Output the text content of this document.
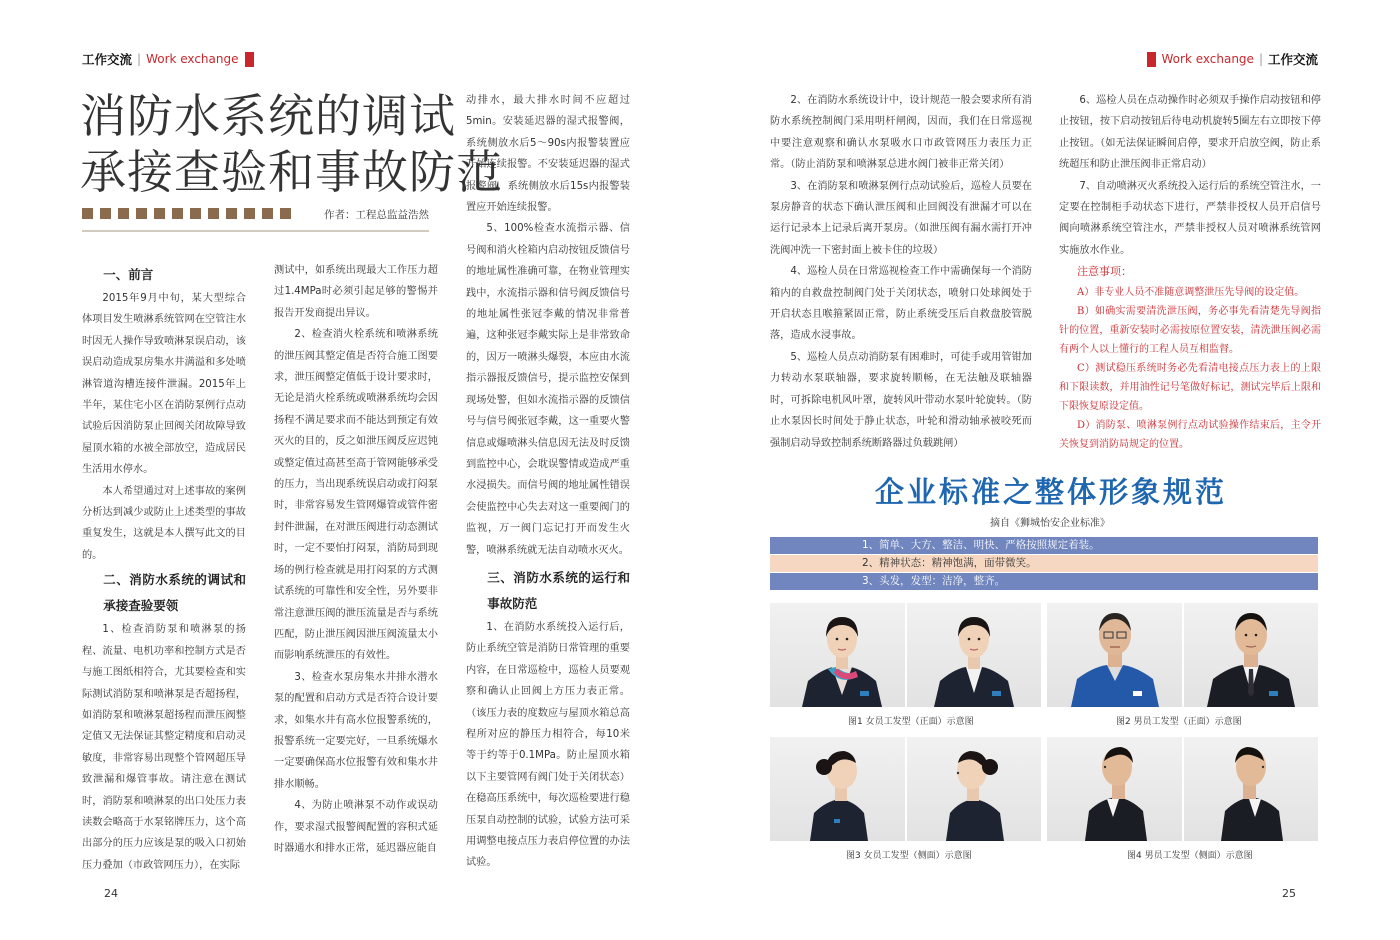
工作交流 | Work exchange
消防水系统的调试
承接查验和事故防范
作者：工程总监益浩然
一、前言

2015年9月中旬，某大型综合体项目发生喷淋系统管网在空管注水时因无人操作导致喷淋泵误启动，该误启动造成泵房集水井满溢和多处喷淋管道沟槽连接件泄漏。2015年上半年，某住宅小区在消防泵例行点动试验后因消防泵止回阀关闭故障导致屋顶水箱的水被全部放空，造成居民生活用水停水。

本人希望通过对上述事故的案例分析达到减少或防止上述类型的事故重复发生，这就是本人撰写此文的目的。

二、消防水系统的调试和承接查验要领

1、检查消防泵和喷淋泵的扬程、流量、电机功率和控制方式是否与施工图纸相符合，尤其要检查和实际测试消防泵和喷淋泵是否超扬程，如消防泵和喷淋泵超扬程而泄压阀整定值又无法保证其整定精度和启动灵敏度，非常容易出现整个管网超压导致泄漏和爆管事故。请注意在测试时，消防泵和喷淋泵的出口处压力表读数会略高于水泵铭牌压力，这个高出部分的压力应该是泵的吸入口初始压力叠加（市政管网压力），在实际

测试中，如系统出现最大工作压力超过1.4MPa时必须引起足够的警惕并报告开发商提出异议。

2、检查消火栓系统和喷淋系统的泄压阀其整定值是否符合施工图要求，泄压阀整定值低于设计要求时，无论是消火栓系统或喷淋系统均会因扬程不满足要求而不能达到预定有效灭火的目的，反之如泄压阀反应迟钝或整定值过高甚至高于管网能够承受的压力，当出现系统误启动或打闷泵时，非常容易发生管网爆管或管件密封件泄漏，在对泄压阀进行动态测试时，一定不要怕打闷泵，消防局到现场的例行检查就是用打闷泵的方式测试系统的可靠性和安全性，另外要非常注意泄压阀的泄压流量是否与系统匹配，防止泄压阀因泄压阀流量太小而影响系统泄压的有效性。

3、检查水泵房集水井排水潜水泵的配置和启动方式是否符合设计要求，如集水井有高水位报警系统的，报警系统一定要完好，一旦系统爆水一定要确保高水位报警有效和集水井排水顺畅。

4、为防止喷淋泵不动作或误动作，要求湿式报警阀配置的容积式延时器通水和排水正常，延迟器应能自

动排水，最大排水时间不应超过5min。安装延迟器的湿式报警阀，系统侧放水后5～90s内报警装置应开始连续报警。不安装延迟器的湿式报警阀，系统侧放水后15s内报警装置应开始连续报警。

5、100%检查水流指示器、信号阀和消火栓箱内启动按钮反馈信号的地址属性准确可靠，在物业管理实践中，水流指示器和信号阀反馈信号的地址属性张冠李戴的情况非常普遍，这种张冠李戴实际上是非常致命的，因万一喷淋头爆裂，本应由水流指示器报反馈信号，提示监控安保到现场处警，但如水流指示器的反馈信号与信号阀张冠李戴，这一重要火警信息或爆喷淋头信息因无法及时反馈到监控中心，会耽误警情或造成严重水浸损失。而信号阀的地址属性错误会使监控中心失去对这一重要阀门的监视，万一阀门忘记打开而发生火警，喷淋系统就无法自动喷水灭火。

三、消防水系统的运行和事故防范

1、在消防水系统投入运行后，防止系统空管是消防日常管理的重要内容，在日常巡检中，巡检人员要观察和确认止回阀上方压力表正常。（该压力表的度数应与屋顶水箱总高程所对应的静压力相符合，每10米等于约等于0.1MPa。防止屋顶水箱以下主要管网有阀门处于关闭状态）在稳高压系统中，每次巡检要进行稳压泵自动控制的试验，试验方法可采用调整电接点压力表启停位置的办法试验。

24
Work exchange | 工作交流

2、在消防水系统设计中，设计规范一般会要求所有消防水系统控制阀门采用明杆闸阀，因而，我们在日常巡视中要注意观察和确认水泵吸水口市政管网压力表压力正常。（防止消防泵和喷淋泵总进水阀门被非正常关闭）

3、在消防泵和喷淋泵例行点动试验后，巡检人员要在泵房静音的状态下确认泄压阀和止回阀没有泄漏才可以在运行记录本上记录后离开泵房。（如泄压阀有漏水需打开冲洗阀冲洗一下密封面上被卡住的垃圾）

4、巡检人员在日常巡视检查工作中需确保每一个消防箱内的自救盘控制阀门处于关闭状态，喷射口处球阀处于开启状态且喉箍紧固正常，防止系统受压后自救盘胶管脱落，造成水浸事故。

5、巡检人员点动消防泵有困难时，可徒手或用管钳加力转动水泵联轴器，要求旋转顺畅，在无法触及联轴器时，可拆除电机风叶罩，旋转风叶带动水泵叶轮旋转。（防止水泵因长时间处于静止状态，叶轮和滑动轴承被咬死而强制启动导致控制系统断路器过负载跳闸）

6、巡检人员在点动操作时必须双手操作启动按钮和停止按钮，按下启动按钮后待电动机旋转5圈左右立即按下停止按钮。（如无法保证瞬间启停，要求开启放空阀，防止系统超压和防止泄压阀非正常启动）

7、自动喷淋灭火系统投入运行后的系统空管注水，一定要在控制柜手动状态下进行，严禁非授权人员开启信号阀向喷淋系统空管注水，严禁非授权人员对喷淋系统管网实施放水作业。

注意事项：
A）非专业人员不准随意调整泄压先导阀的设定值。
B）如确实需要清洗泄压阀，务必事先看清楚先导阀指针的位置，重新安装时必需按原位置安装，清洗泄压阀必需有两个人以上懂行的工程人员互相监督。
C）测试稳压系统时务必先看清电接点压力表上的上限和下限读数，并用油性记号笔做好标记，测试完毕后上限和下限恢复原设定值。
D）消防泵、喷淋泵例行点动试验操作结束后，主令开关恢复到消防局规定的位置。
企业标准之整体形象规范
摘自《狮城怡安企业标准》
1、简单、大方、整洁、明快、严格按照规定着装。
2、精神状态：精神饱满，面带微笑。
3、头发，发型：洁净，整齐。
图1 女员工发型（正面）示意图	图2 男员工发型（正面）示意图
图3 女员工发型（侧面）示意图	图4 男员工发型（侧面）示意图
25
